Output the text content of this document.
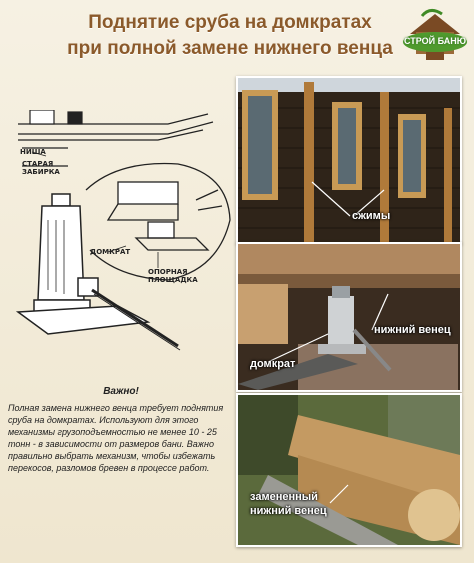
Поднятие сруба на домкратах
при полной замене нижнего венца	СТРОЙ БАНЮ
НИША
СТАРАЯ
ЗАБИРКА
ДОМКРАТ
ОПОРНАЯ
ПЛОЩАДКА
Важно!
Полная замена нижнего венца требует поднятия сруба на домкратах. Используют для этого механизмы грузоподъемностью не менее 10 - 25 тонн - в зависимости от размеров бани. Важно правильно выбрать механизм, чтобы избежать перекосов, разломов бревен в процессе работ.
сжимы
нижний венец
домкрат
замененный
нижний венец
